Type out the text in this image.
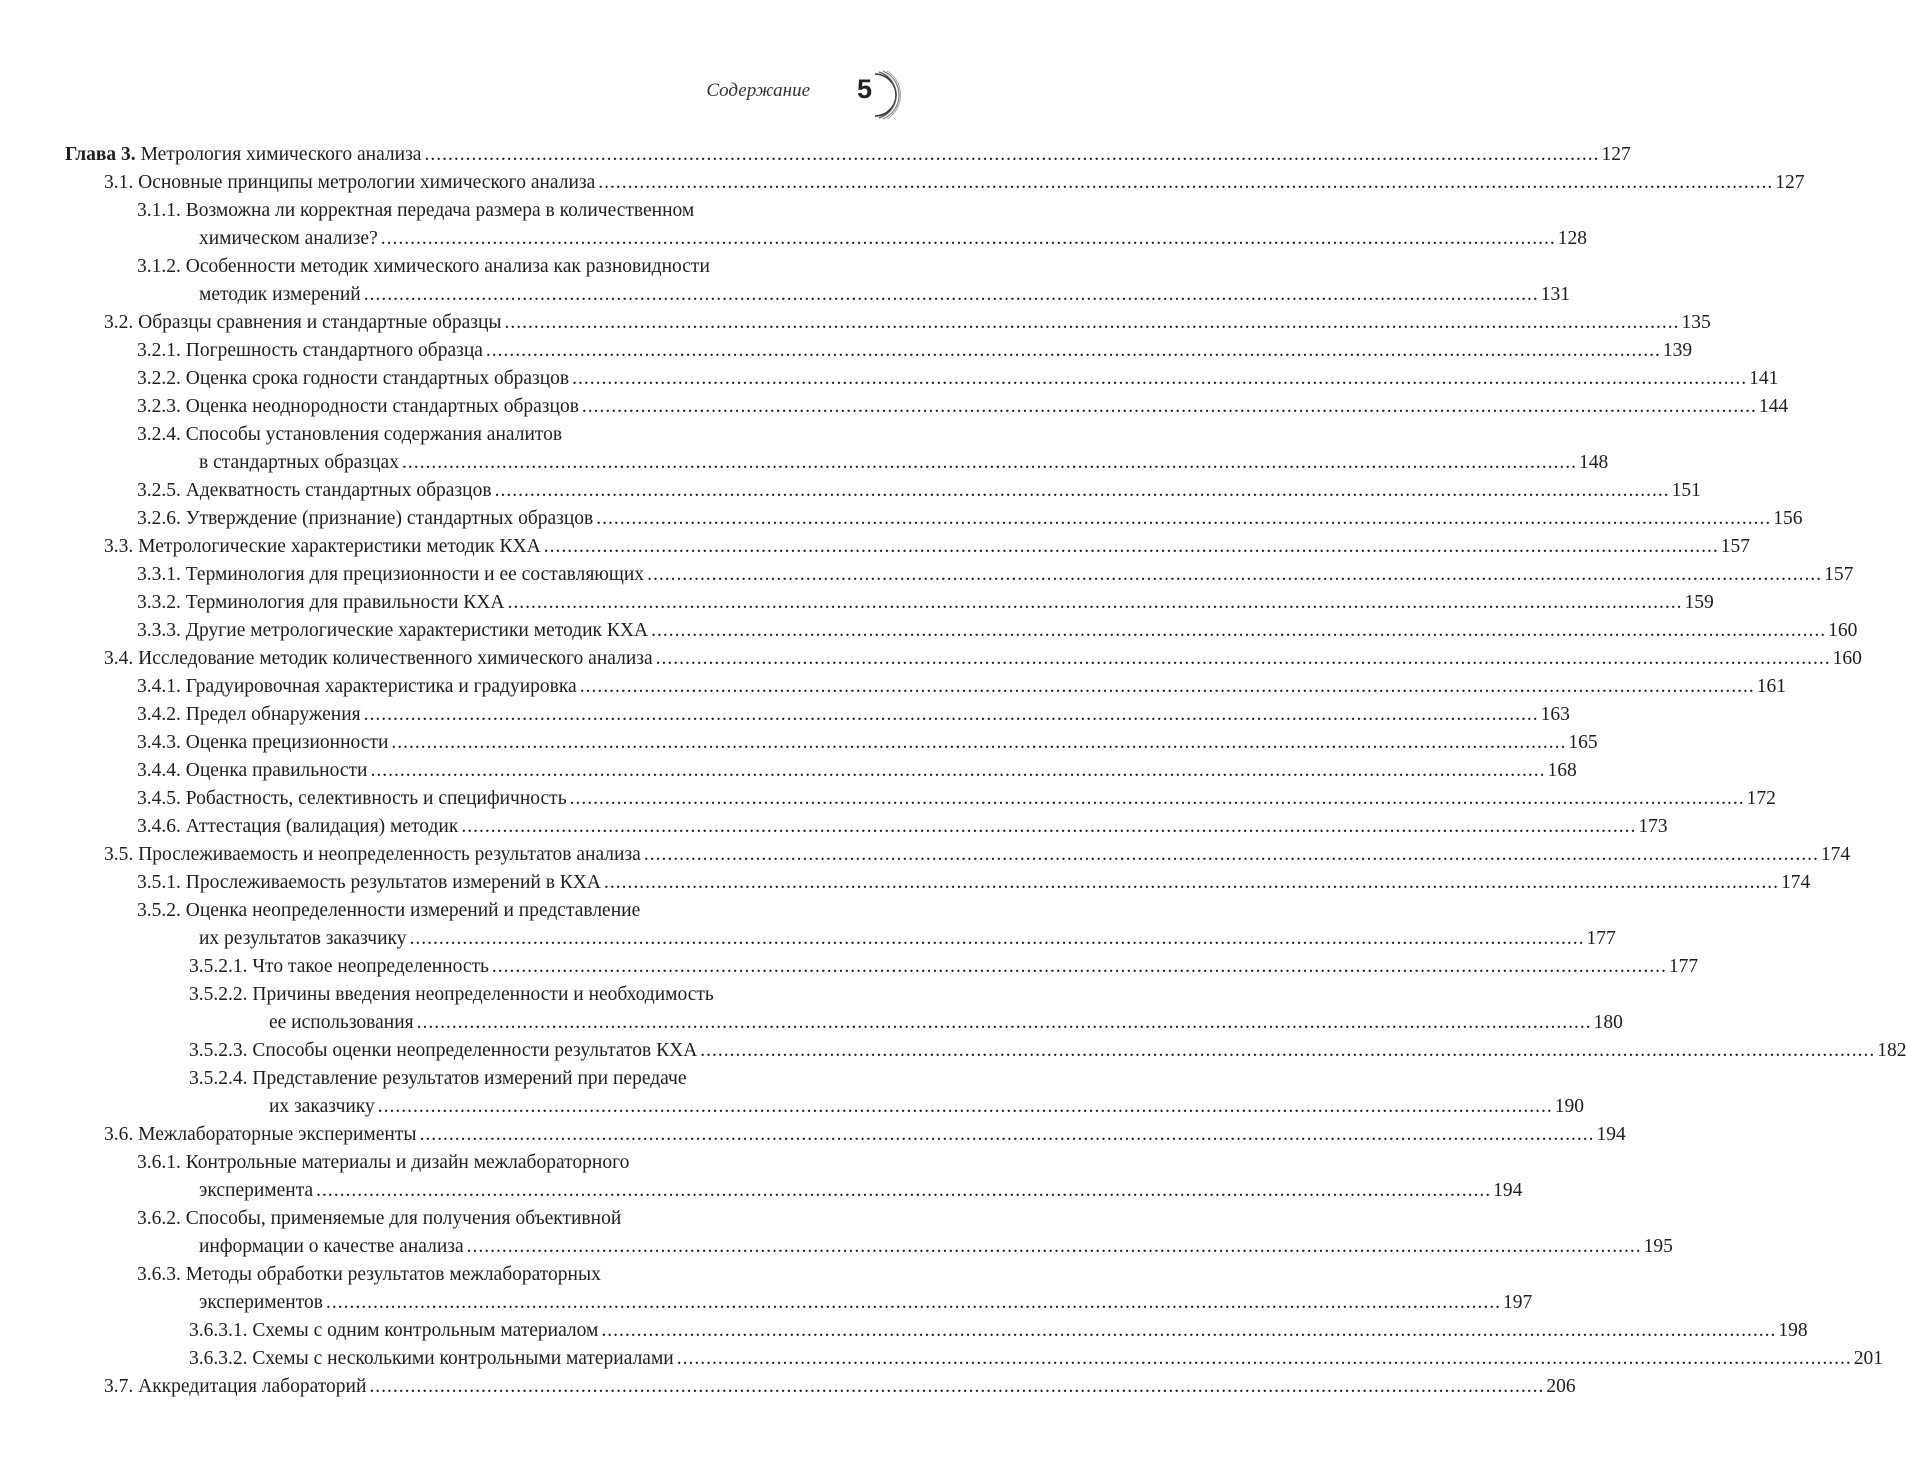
Содержание 5
Глава 3. Метрология химического анализа ........................................................................................................................................................................................................ 127
3.1. Основные принципы метрологии химического анализа ........................................................................................................................................................................................................ 127
3.1.1. Возможна ли корректная передача размера в количественном
химическом анализе? ........................................................................................................................................................................................................ 128
3.1.2. Особенности методик химического анализа как разновидности
методик измерений ........................................................................................................................................................................................................ 131
3.2. Образцы сравнения и стандартные образцы ........................................................................................................................................................................................................ 135
3.2.1. Погрешность стандартного образца ........................................................................................................................................................................................................ 139
3.2.2. Оценка срока годности стандартных образцов ........................................................................................................................................................................................................ 141
3.2.3. Оценка неоднородности стандартных образцов ........................................................................................................................................................................................................ 144
3.2.4. Способы установления содержания аналитов
в стандартных образцах ........................................................................................................................................................................................................ 148
3.2.5. Адекватность стандартных образцов ........................................................................................................................................................................................................ 151
3.2.6. Утверждение (признание) стандартных образцов ........................................................................................................................................................................................................ 156
3.3. Метрологические характеристики методик КХА ........................................................................................................................................................................................................ 157
3.3.1. Терминология для прецизионности и ее составляющих ........................................................................................................................................................................................................ 157
3.3.2. Терминология для правильности КХА ........................................................................................................................................................................................................ 159
3.3.3. Другие метрологические характеристики методик КХА ........................................................................................................................................................................................................ 160
3.4. Исследование методик количественного химического анализа ........................................................................................................................................................................................................ 160
3.4.1. Градуировочная характеристика и градуировка ........................................................................................................................................................................................................ 161
3.4.2. Предел обнаружения ........................................................................................................................................................................................................ 163
3.4.3. Оценка прецизионности ........................................................................................................................................................................................................ 165
3.4.4. Оценка правильности ........................................................................................................................................................................................................ 168
3.4.5. Робастность, селективность и специфичность ........................................................................................................................................................................................................ 172
3.4.6. Аттестация (валидация) методик ........................................................................................................................................................................................................ 173
3.5. Прослеживаемость и неопределенность результатов анализа ........................................................................................................................................................................................................ 174
3.5.1. Прослеживаемость результатов измерений в КХА ........................................................................................................................................................................................................ 174
3.5.2. Оценка неопределенности измерений и представление
их результатов заказчику ........................................................................................................................................................................................................ 177
3.5.2.1. Что такое неопределенность ........................................................................................................................................................................................................ 177
3.5.2.2. Причины введения неопределенности и необходимость
ее использования ........................................................................................................................................................................................................ 180
3.5.2.3. Способы оценки неопределенности результатов КХА ........................................................................................................................................................................................................ 182
3.5.2.4. Представление результатов измерений при передаче
их заказчику ........................................................................................................................................................................................................ 190
3.6. Межлабораторные эксперименты ........................................................................................................................................................................................................ 194
3.6.1. Контрольные материалы и дизайн межлабораторного
эксперимента ........................................................................................................................................................................................................ 194
3.6.2. Способы, применяемые для получения объективной
информации о качестве анализа ........................................................................................................................................................................................................ 195
3.6.3. Методы обработки результатов межлабораторных
экспериментов ........................................................................................................................................................................................................ 197
3.6.3.1. Схемы с одним контрольным материалом ........................................................................................................................................................................................................ 198
3.6.3.2. Схемы с несколькими контрольными материалами ........................................................................................................................................................................................................ 201
3.7. Аккредитация лабораторий ........................................................................................................................................................................................................ 206
